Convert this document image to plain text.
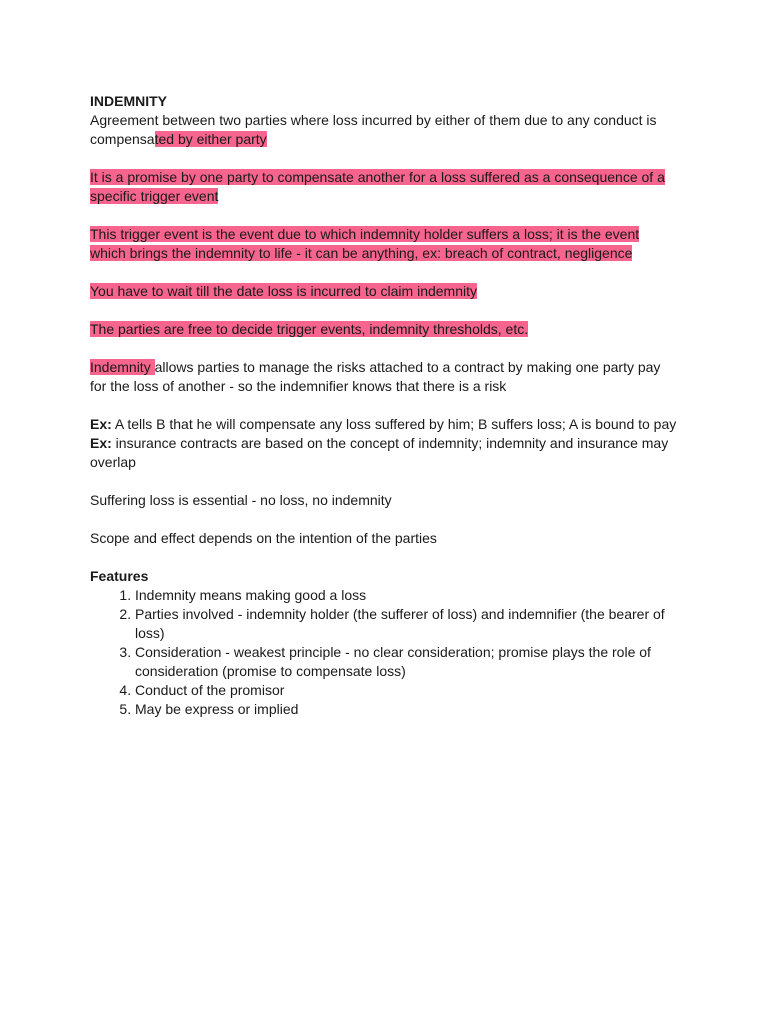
INDEMNITY

Agreement between two parties where loss incurred by either of them due to any conduct is compensated by either party

It is a promise by one party to compensate another for a loss suffered as a consequence of a specific trigger event

This trigger event is the event due to which indemnity holder suffers a loss; it is the event which brings the indemnity to life - it can be anything, ex: breach of contract, negligence

You have to wait till the date loss is incurred to claim indemnity

The parties are free to decide trigger events, indemnity thresholds, etc.

Indemnity allows parties to manage the risks attached to a contract by making one party pay for the loss of another - so the indemnifier knows that there is a risk

Ex: A tells B that he will compensate any loss suffered by him; B suffers loss; A is bound to pay

Ex: insurance contracts are based on the concept of indemnity; indemnity and insurance may overlap

Suffering loss is essential - no loss, no indemnity

Scope and effect depends on the intention of the parties

Features

1. Indemnity means making good a loss
2. Parties involved - indemnity holder (the sufferer of loss) and indemnifier (the bearer of loss)
3. Consideration - weakest principle - no clear consideration; promise plays the role of consideration (promise to compensate loss)
4. Conduct of the promisor
5. May be express or implied
